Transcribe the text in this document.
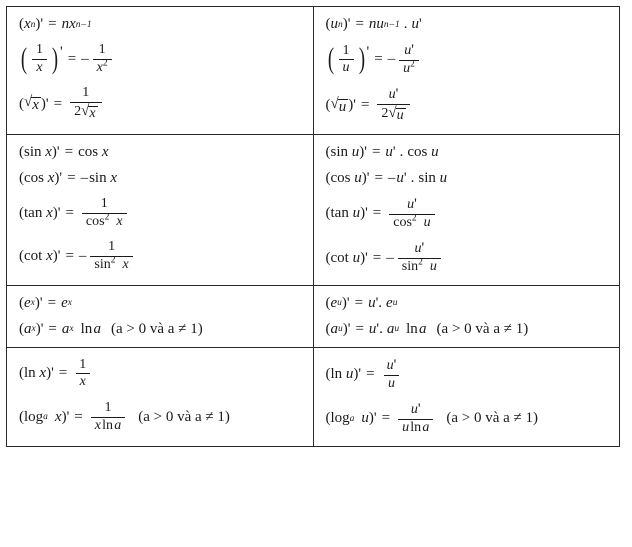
( x n ) ' = nx n – 1
( $\frac{1}{x}$ ) ' = – $\frac{1}{x^2}$
( √ x ) ' = $\frac{1}{2 √ x}$

( u n ) ' = nu n – 1 . u '
( $\frac{1}{u}$ ) ' = – $\frac{u'}{u^2}$
( √ u ) ' = $\frac{u'}{2 √ u}$

(sin x ) ' = cos x
(cos x ) ' = – sin x
(tan x ) ' = $\frac{1}{\cos^2 x}$
(cot x ) ' = – $\frac{1}{\sin^2 x}$

(sin u ) ' = u ' . cos u
(cos u ) ' = – u ' . sin u
(tan u ) ' = $\frac{u'}{\cos^2 u}$
(cot u ) ' = – $\frac{u'}{\sin^2 u}$

( e x ) ' = e x
( a x ) ' = a x ln  a (a > 0 và a ≠ 1)

( e u ) ' = u ' . e u
( a u ) ' = u ' . a u ln  a (a > 0 và a ≠ 1)

(ln x ) ' = $\frac{1}{x}$
(log a x ) ' = $\frac{1}{\text{x ln a}} (a > 0$ và a ≠ 1)

(ln u ) ' = $\frac{u'}{u}$
(log a u ) ' = $\frac{u'}{\text{u ln a}} (a > 0$ và a ≠ 1)
